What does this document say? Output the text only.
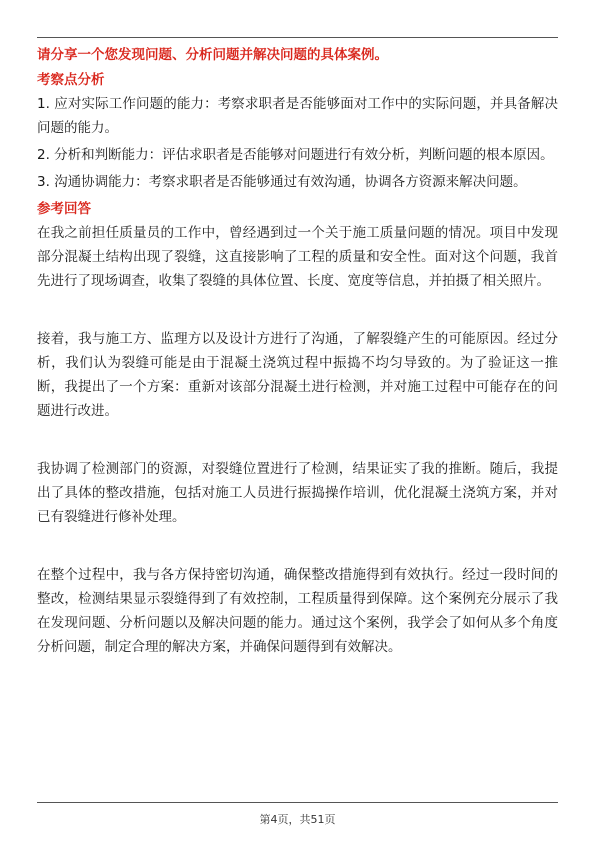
请分享一个您发现问题、分析问题并解决问题的具体案例。

考察点分析

1. 应对实际工作问题的能力：考察求职者是否能够面对工作中的实际问题，并具备解决问题的能力。

2. 分析和判断能力：评估求职者是否能够对问题进行有效分析，判断问题的根本原因。

3. 沟通协调能力：考察求职者是否能够通过有效沟通，协调各方资源来解决问题。

参考回答

在我之前担任质量员的工作中，曾经遇到过一个关于施工质量问题的情况。项目中发现部分混凝土结构出现了裂缝，这直接影响了工程的质量和安全性。面对这个问题，我首先进行了现场调查，收集了裂缝的具体位置、长度、宽度等信息，并拍摄了相关照片。

接着，我与施工方、监理方以及设计方进行了沟通，了解裂缝产生的可能原因。经过分析，我们认为裂缝可能是由于混凝土浇筑过程中振捣不均匀导致的。为了验证这一推断，我提出了一个方案：重新对该部分混凝土进行检测，并对施工过程中可能存在的问题进行改进。

我协调了检测部门的资源，对裂缝位置进行了检测，结果证实了我的推断。随后，我提出了具体的整改措施，包括对施工人员进行振捣操作培训，优化混凝土浇筑方案，并对已有裂缝进行修补处理。

在整个过程中，我与各方保持密切沟通，确保整改措施得到有效执行。经过一段时间的整改，检测结果显示裂缝得到了有效控制，工程质量得到保障。这个案例充分展示了我在发现问题、分析问题以及解决问题的能力。通过这个案例，我学会了如何从多个角度分析问题，制定合理的解决方案，并确保问题得到有效解决。

第4页，共51页
